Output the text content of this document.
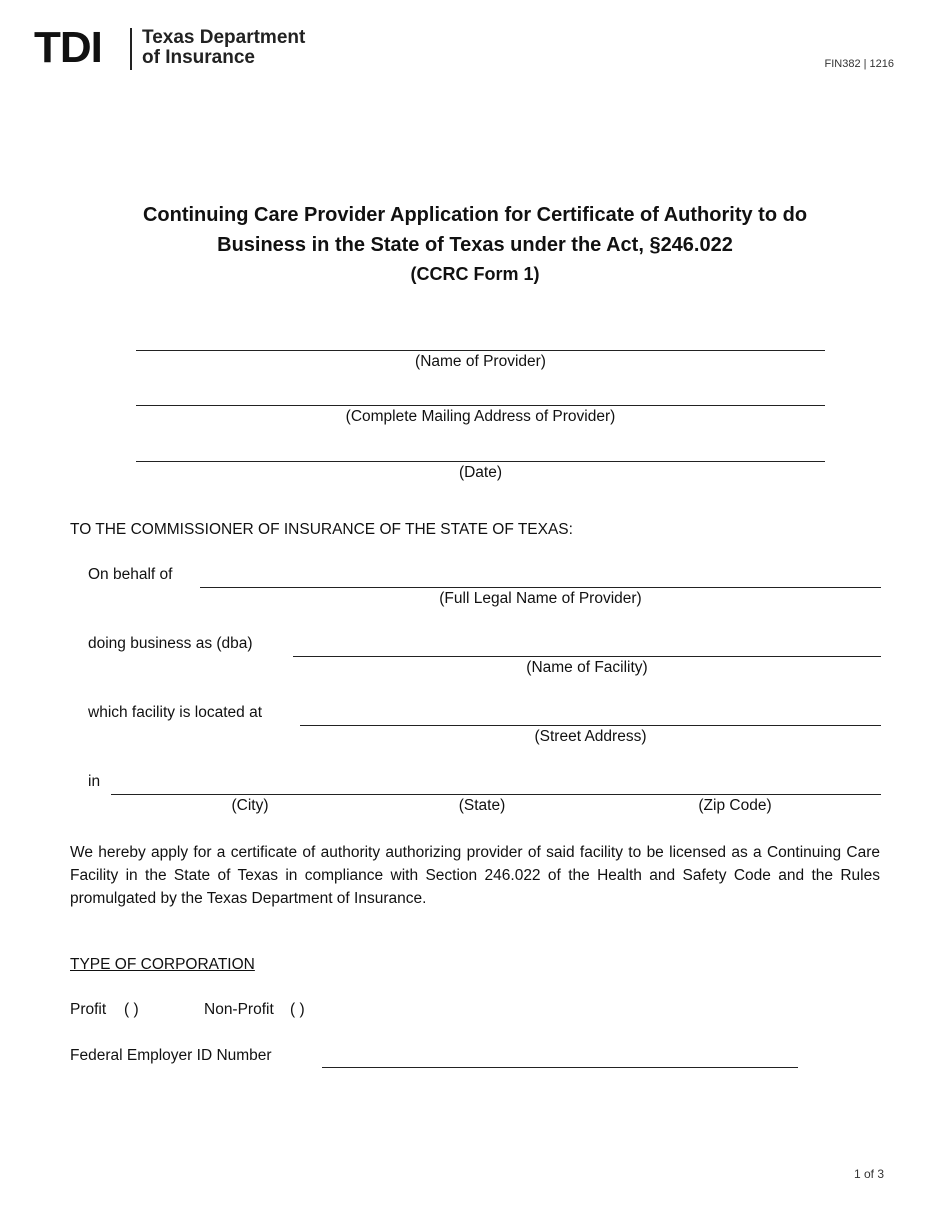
TDI Texas Department
of Insurance	FIN382 | 1216
Continuing Care Provider Application for Certificate of Authority to do
Business in the State of Texas under the Act, §246.022
(CCRC Form 1)
(Name of Provider)
(Complete Mailing Address of Provider)
(Date)
TO THE COMMISSIONER OF INSURANCE OF THE STATE OF TEXAS:
On behalf of
(Full Legal Name of Provider)
doing business as (dba)
(Name of Facility)
which facility is located at
(Street Address)
in
(City)	(State)	(Zip Code)
We hereby apply for a certificate of authority authorizing provider of said facility to be licensed as a Continuing Care Facility in the State of Texas in compliance with Section 246.022 of the Health and Safety Code and the Rules promulgated by the Texas Department of Insurance.
TYPE OF CORPORATION
Profit ( )	Non-Profit ( )
Federal Employer ID Number
1 of 3
